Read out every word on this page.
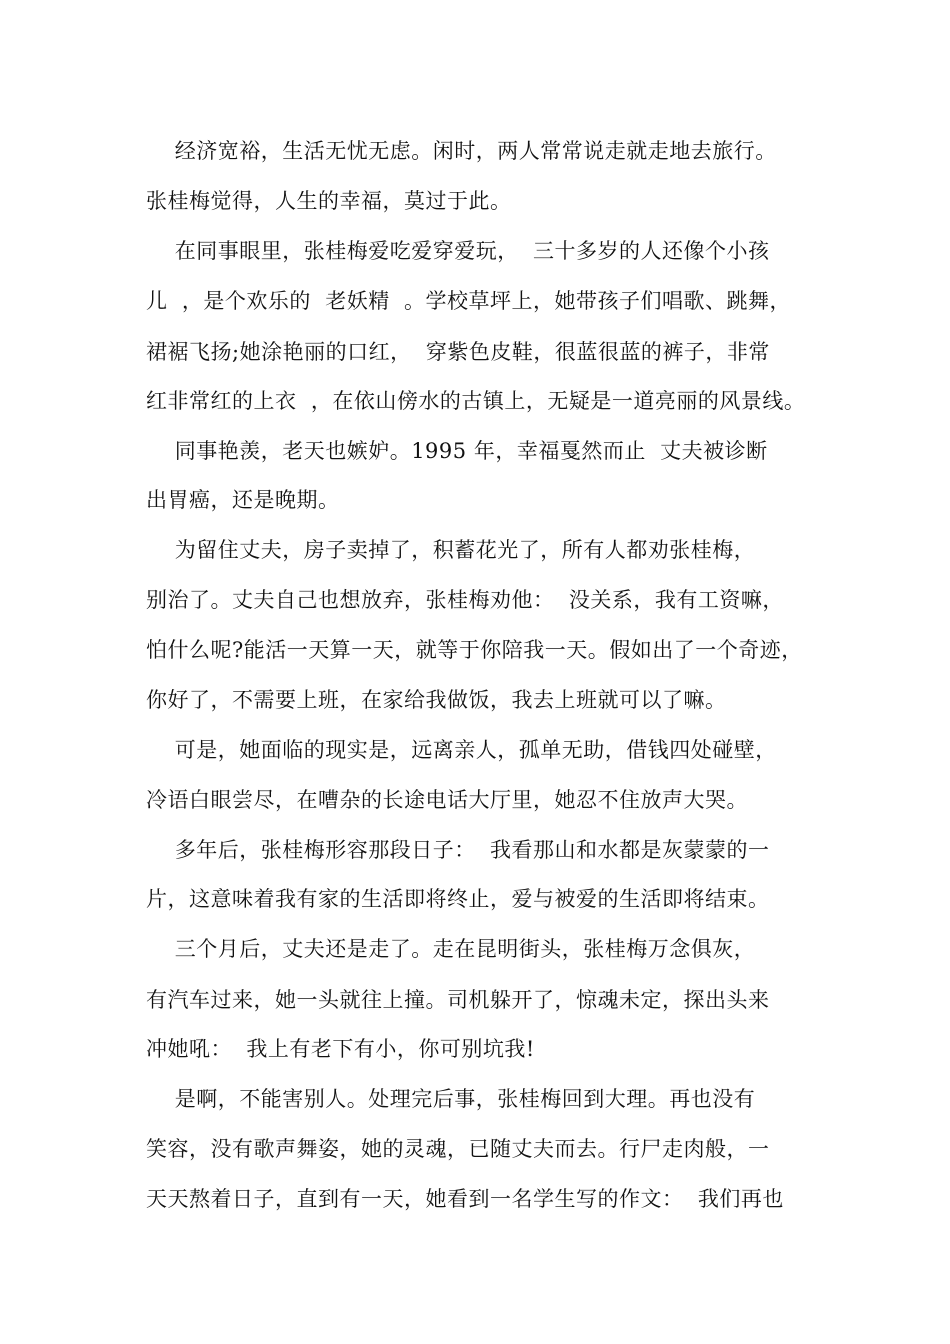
经济宽裕，生活无忧无虑。闲时，两人常常说走就走地去旅行。
张桂梅觉得，人生的幸福，莫过于此。
在同事眼里，张桂梅爱吃爱穿爱玩，  三十多岁的人还像个小孩
儿  ，是个欢乐的  老妖精  。学校草坪上，她带孩子们唱歌、跳舞，
裙裾飞扬;她涂艳丽的口红，  穿紫色皮鞋，很蓝很蓝的裤子，非常
红非常红的上衣  ，在依山傍水的古镇上，无疑是一道亮丽的风景线。
同事艳羡，老天也嫉妒。1995 年，幸福戛然而止  丈夫被诊断
出胃癌，还是晚期。
为留住丈夫，房子卖掉了，积蓄花光了，所有人都劝张桂梅，
别治了。丈夫自己也想放弃，张桂梅劝他：  没关系，我有工资嘛，
怕什么呢?能活一天算一天，就等于你陪我一天。假如出了一个奇迹，
你好了，不需要上班，在家给我做饭，我去上班就可以了嘛。
可是，她面临的现实是，远离亲人，孤单无助，借钱四处碰壁，
冷语白眼尝尽，在嘈杂的长途电话大厅里，她忍不住放声大哭。
多年后，张桂梅形容那段日子：  我看那山和水都是灰蒙蒙的一
片，这意味着我有家的生活即将终止，爱与被爱的生活即将结束。
三个月后，丈夫还是走了。走在昆明街头，张桂梅万念俱灰，
有汽车过来，她一头就往上撞。司机躲开了，惊魂未定，探出头来
冲她吼：  我上有老下有小，你可别坑我!
是啊，不能害别人。处理完后事，张桂梅回到大理。再也没有
笑容，没有歌声舞姿，她的灵魂，已随丈夫而去。行尸走肉般，一
天天熬着日子，直到有一天，她看到一名学生写的作文：  我们再也
